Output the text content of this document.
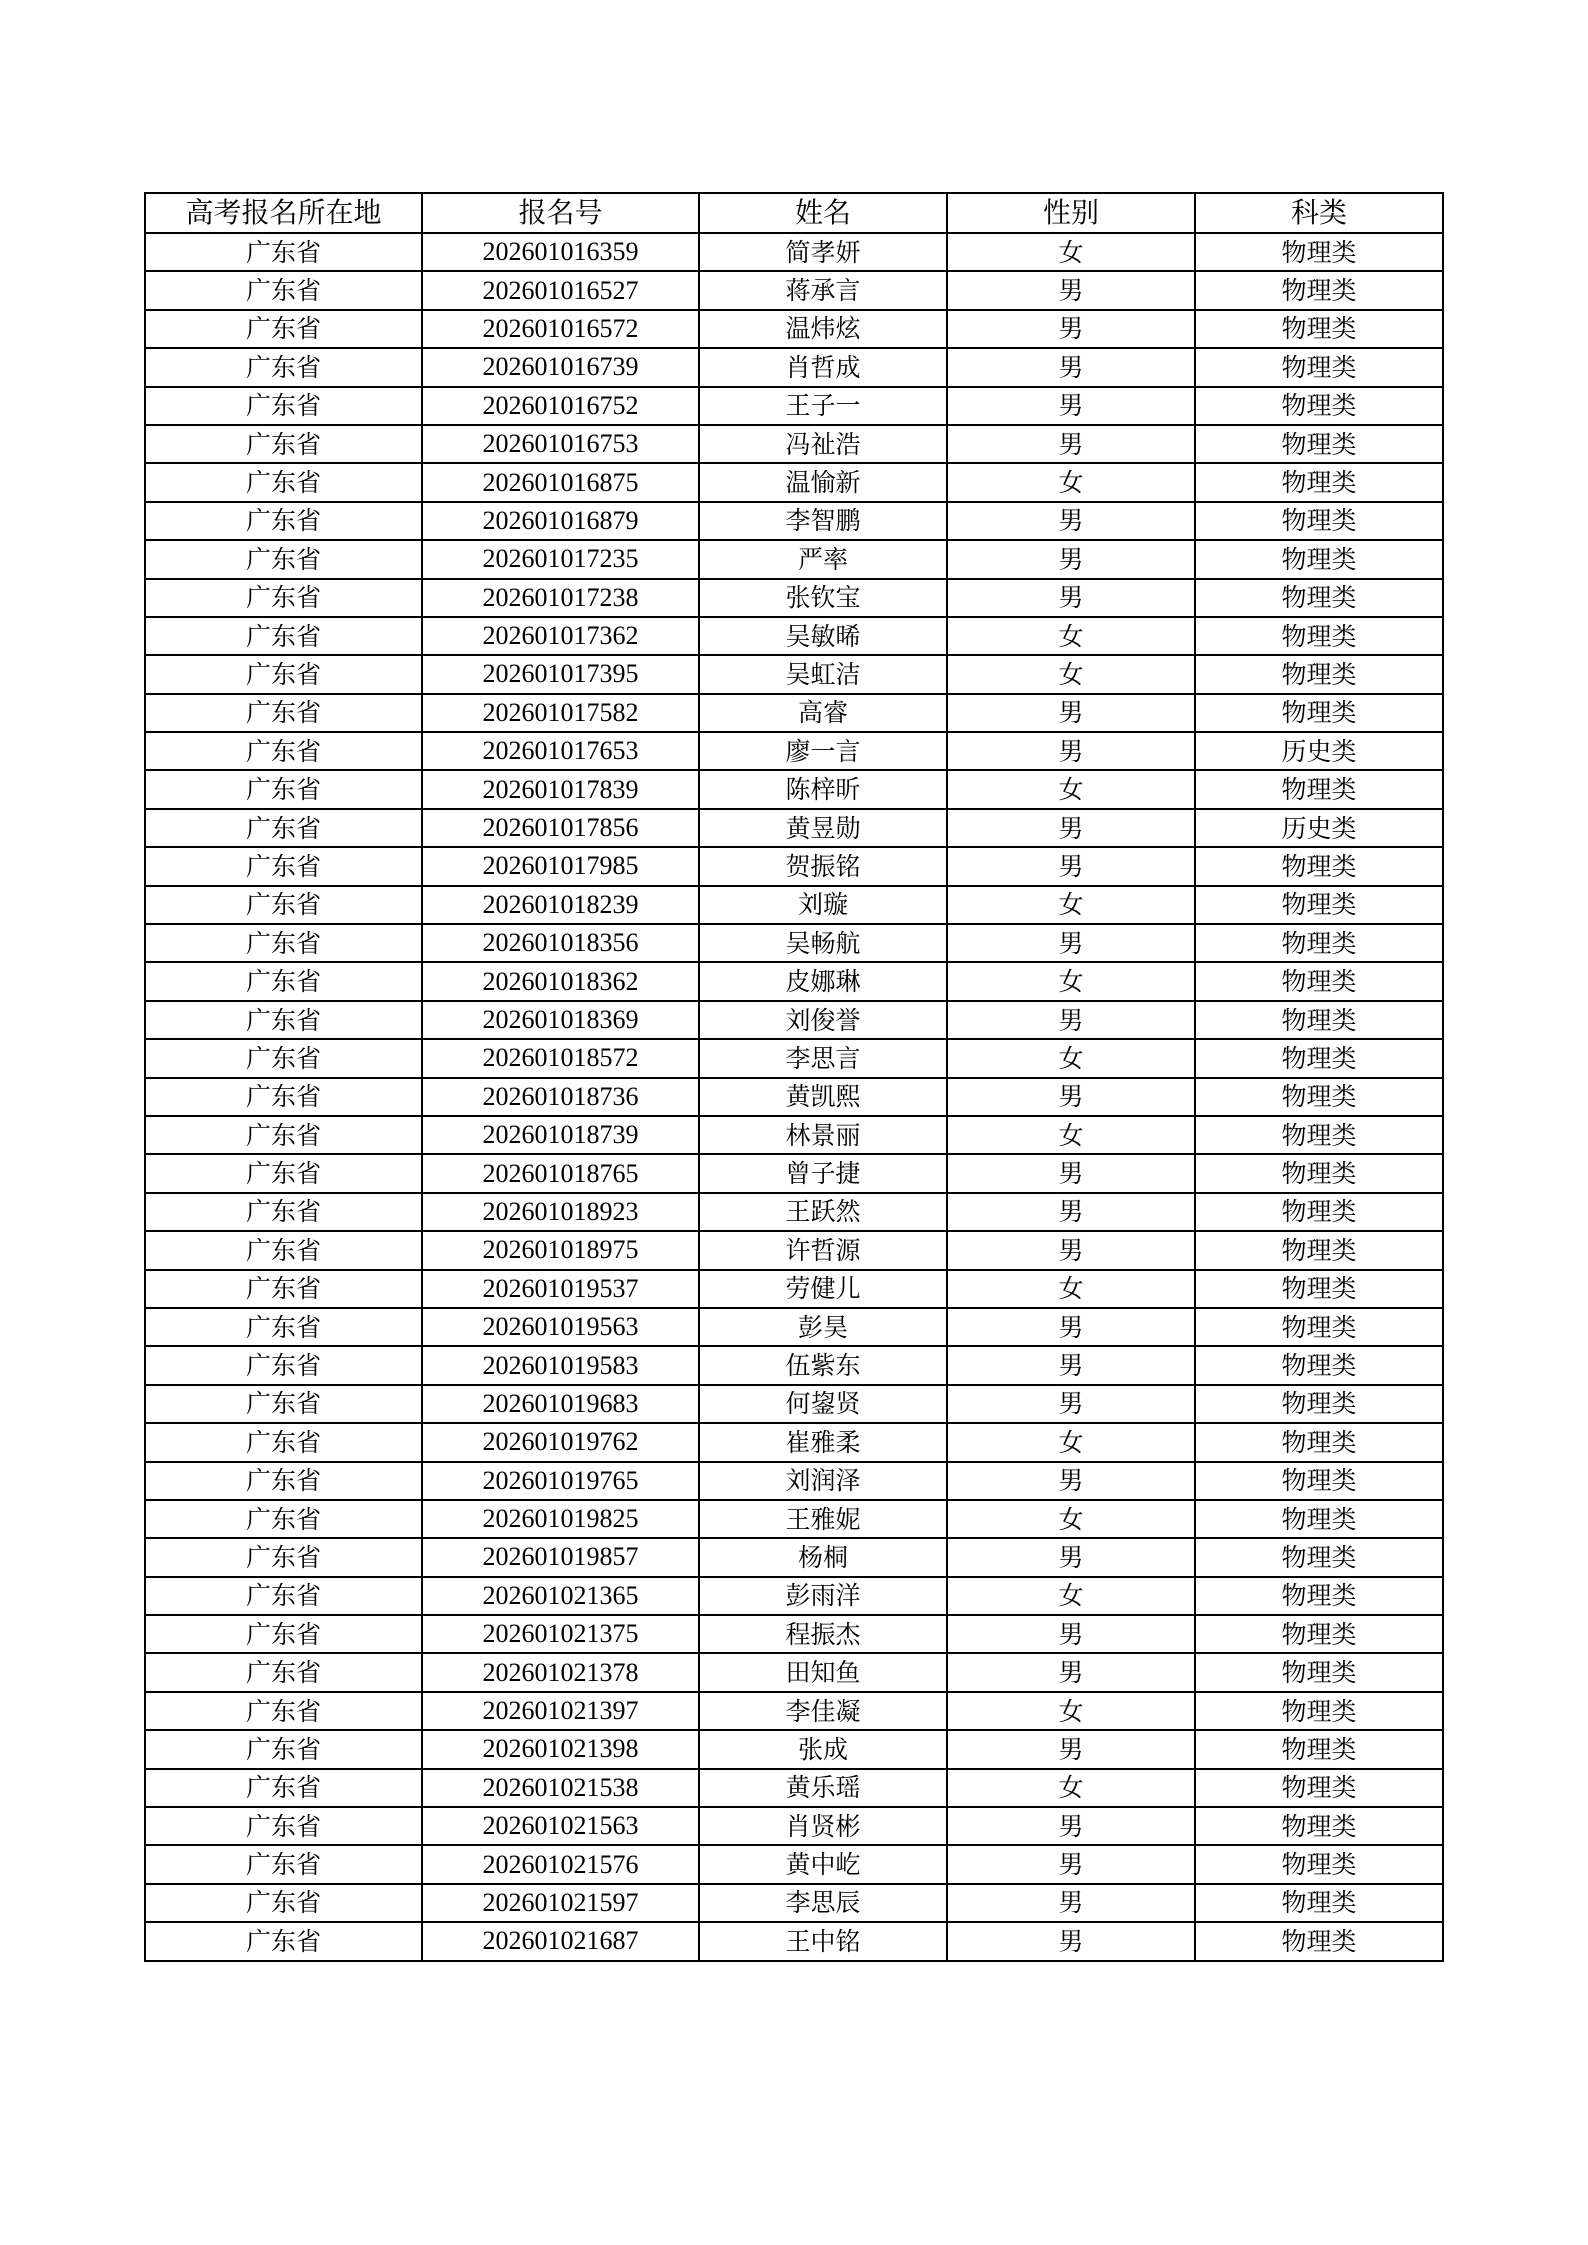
高考报名所在地	报名号	姓名	性别	科类
广东省	202601016359	简孝妍	女	物理类
广东省	202601016527	蒋承言	男	物理类
广东省	202601016572	温炜炫	男	物理类
广东省	202601016739	肖哲成	男	物理类
广东省	202601016752	王子一	男	物理类
广东省	202601016753	冯祉浩	男	物理类
广东省	202601016875	温愉新	女	物理类
广东省	202601016879	李智鹏	男	物理类
广东省	202601017235	严率	男	物理类
广东省	202601017238	张钦宝	男	物理类
广东省	202601017362	吴敏晞	女	物理类
广东省	202601017395	吴虹洁	女	物理类
广东省	202601017582	高睿	男	物理类
广东省	202601017653	廖一言	男	历史类
广东省	202601017839	陈梓昕	女	物理类
广东省	202601017856	黄昱勋	男	历史类
广东省	202601017985	贺振铭	男	物理类
广东省	202601018239	刘璇	女	物理类
广东省	202601018356	吴畅航	男	物理类
广东省	202601018362	皮娜琳	女	物理类
广东省	202601018369	刘俊誉	男	物理类
广东省	202601018572	李思言	女	物理类
广东省	202601018736	黄凯熙	男	物理类
广东省	202601018739	林景丽	女	物理类
广东省	202601018765	曾子捷	男	物理类
广东省	202601018923	王跃然	男	物理类
广东省	202601018975	许哲源	男	物理类
广东省	202601019537	劳健儿	女	物理类
广东省	202601019563	彭昊	男	物理类
广东省	202601019583	伍紫东	男	物理类
广东省	202601019683	何鋆贤	男	物理类
广东省	202601019762	崔雅柔	女	物理类
广东省	202601019765	刘润泽	男	物理类
广东省	202601019825	王雅妮	女	物理类
广东省	202601019857	杨桐	男	物理类
广东省	202601021365	彭雨洋	女	物理类
广东省	202601021375	程振杰	男	物理类
广东省	202601021378	田知鱼	男	物理类
广东省	202601021397	李佳凝	女	物理类
广东省	202601021398	张成	男	物理类
广东省	202601021538	黄乐瑶	女	物理类
广东省	202601021563	肖贤彬	男	物理类
广东省	202601021576	黄中屹	男	物理类
广东省	202601021597	李思辰	男	物理类
广东省	202601021687	王中铭	男	物理类
